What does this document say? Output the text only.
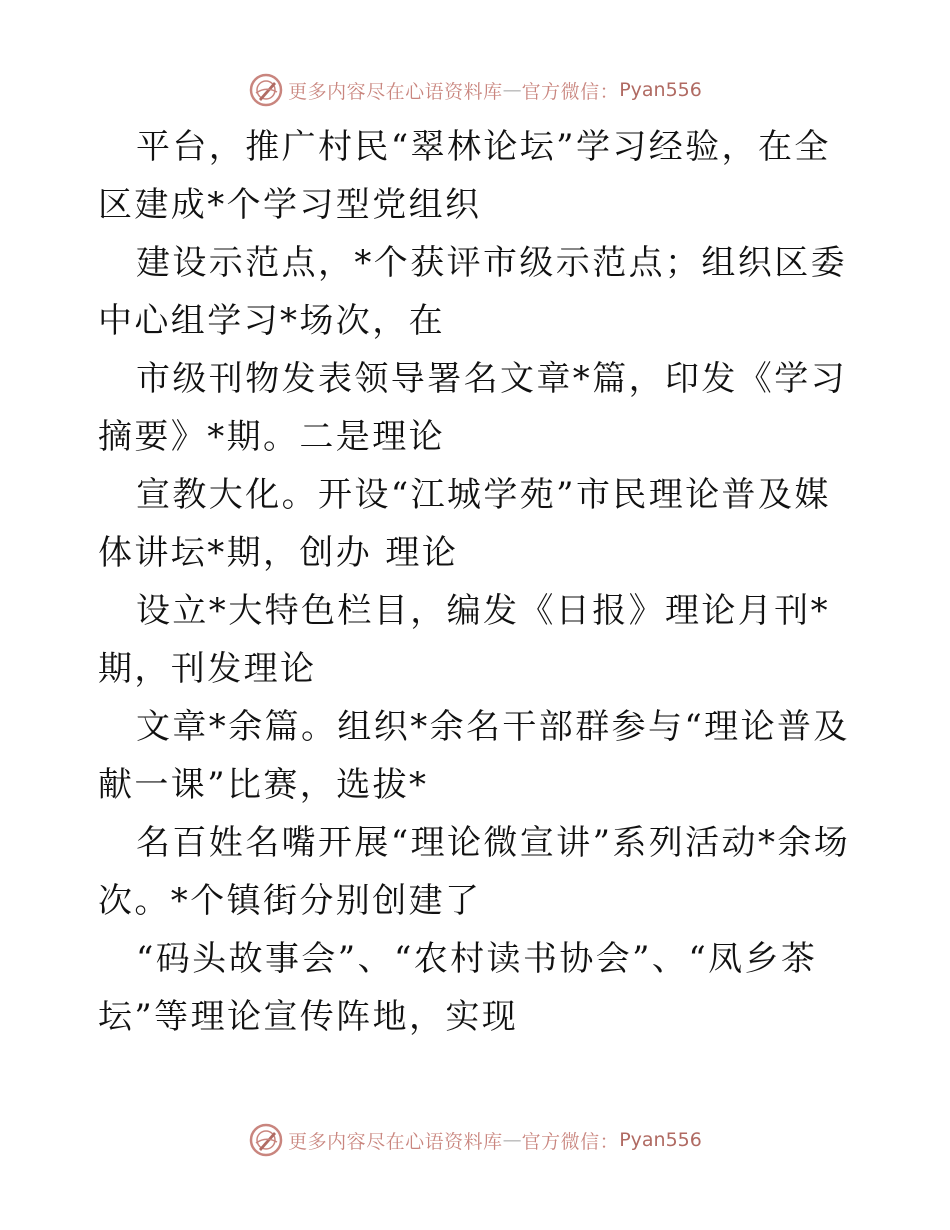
更多内容尽在心语资料库 — 官方微信： Pyan556

平台，推广村民“翠林论坛”学习经验，在全区建成*个学习型党组织

建设示范点，*个获评市级示范点；组织区委中心组学习*场次，在

市级刊物发表领导署名文章*篇，印发《学习摘要》*期。二是理论

宣教大化。开设“江城学苑”市民理论普及媒体讲坛*期，创办 理论

设立*大特色栏目，编发《日报》理论月刊*期，刊发理论

文章*余篇。组织*余名干部群参与“理论普及献一课”比赛，选拔*

名百姓名嘴开展“理论微宣讲”系列活动*余场次。*个镇街分别创建了

“码头故事会”、“农村读书协会”、“凤乡茶坛”等理论宣传阵地，实现

更多内容尽在心语资料库 — 官方微信： Pyan556
